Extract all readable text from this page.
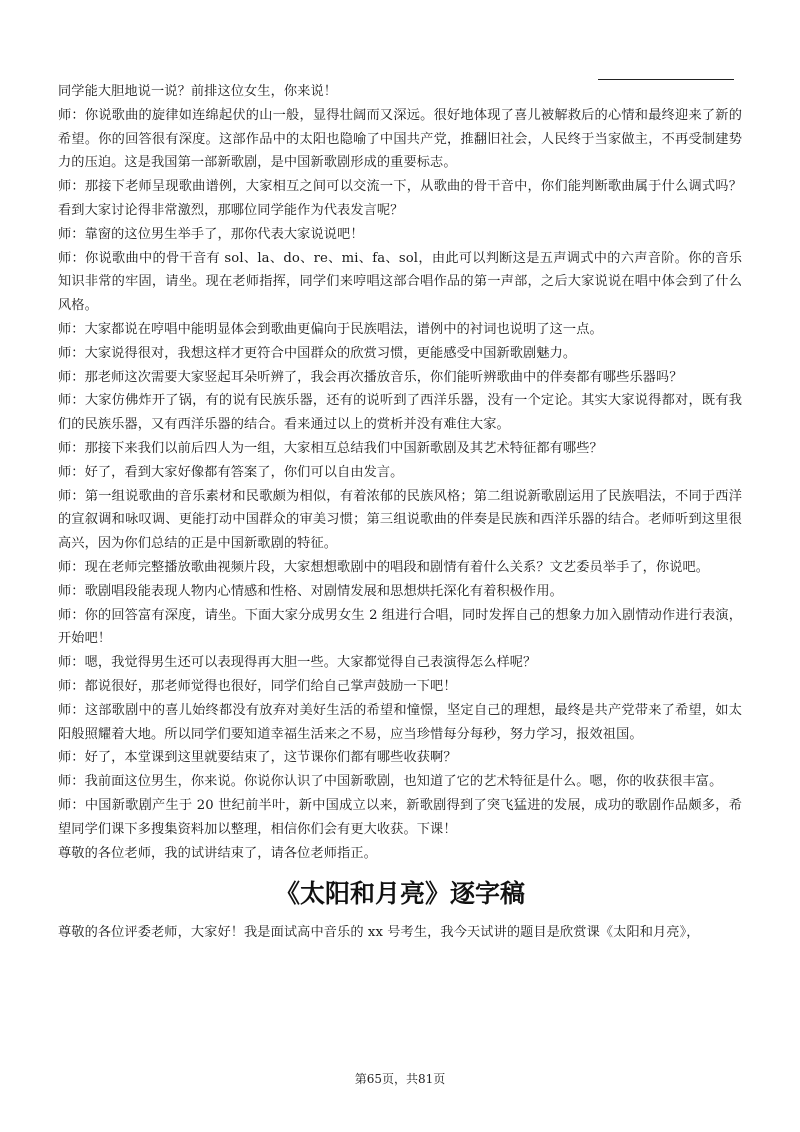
同学能大胆地说一说？前排这位女生，你来说！

师：你说歌曲的旋律如连绵起伏的山一般，显得壮阔而又深远。很好地体现了喜儿被解救后的心情和最终迎来了新的希望。你的回答很有深度。这部作品中的太阳也隐喻了中国共产党，推翻旧社会，人民终于当家做主，不再受制建势力的压迫。这是我国第一部新歌剧，是中国新歌剧形成的重要标志。

师：那接下老师呈现歌曲谱例，大家相互之间可以交流一下，从歌曲的骨干音中，你们能判断歌曲属于什么调式吗？看到大家讨论得非常激烈，那哪位同学能作为代表发言呢？

师：靠窗的这位男生举手了，那你代表大家说说吧！

师：你说歌曲中的骨干音有 sol、la、do、re、mi、fa、sol，由此可以判断这是五声调式中的六声音阶。你的音乐知识非常的牢固，请坐。现在老师指挥，同学们来哼唱这部合唱作品的第一声部，之后大家说说在唱中体会到了什么风格。

师：大家都说在哼唱中能明显体会到歌曲更偏向于民族唱法，谱例中的衬词也说明了这一点。

师：大家说得很对，我想这样才更符合中国群众的欣赏习惯，更能感受中国新歌剧魅力。

师：那老师这次需要大家竖起耳朵听辨了，我会再次播放音乐，你们能听辨歌曲中的伴奏都有哪些乐器吗？

师：大家仿佛炸开了锅，有的说有民族乐器，还有的说听到了西洋乐器，没有一个定论。其实大家说得都对，既有我们的民族乐器，又有西洋乐器的结合。看来通过以上的赏析并没有难住大家。

师：那接下来我们以前后四人为一组，大家相互总结我们中国新歌剧及其艺术特征都有哪些？

师：好了，看到大家好像都有答案了，你们可以自由发言。

师：第一组说歌曲的音乐素材和民歌颇为相似，有着浓郁的民族风格；第二组说新歌剧运用了民族唱法，不同于西洋的宣叙调和咏叹调、更能打动中国群众的审美习惯；第三组说歌曲的伴奏是民族和西洋乐器的结合。老师听到这里很高兴，因为你们总结的正是中国新歌剧的特征。

师：现在老师完整播放歌曲视频片段，大家想想歌剧中的唱段和剧情有着什么关系？文艺委员举手了，你说吧。

师：歌剧唱段能表现人物内心情感和性格、对剧情发展和思想烘托深化有着积极作用。

师：你的回答富有深度，请坐。下面大家分成男女生 2 组进行合唱，同时发挥自己的想象力加入剧情动作进行表演，开始吧！

师：嗯，我觉得男生还可以表现得再大胆一些。大家都觉得自己表演得怎么样呢？

师：都说很好，那老师觉得也很好，同学们给自己掌声鼓励一下吧！

师：这部歌剧中的喜儿始终都没有放弃对美好生活的希望和憧憬，坚定自己的理想，最终是共产党带来了希望，如太阳般照耀着大地。所以同学们要知道幸福生活来之不易，应当珍惜每分每秒，努力学习，报效祖国。

师：好了，本堂课到这里就要结束了，这节课你们都有哪些收获啊？

师：我前面这位男生，你来说。你说你认识了中国新歌剧，也知道了它的艺术特征是什么。嗯，你的收获很丰富。

师：中国新歌剧产生于 20 世纪前半叶，新中国成立以来，新歌剧得到了突飞猛进的发展，成功的歌剧作品颇多，希望同学们课下多搜集资料加以整理，相信你们会有更大收获。下课！

尊敬的各位老师，我的试讲结束了，请各位老师指正。

《太阳和月亮》逐字稿

尊敬的各位评委老师，大家好！我是面试高中音乐的 xx 号考生，我今天试讲的题目是欣赏课《太阳和月亮》，

第65页，共81页
